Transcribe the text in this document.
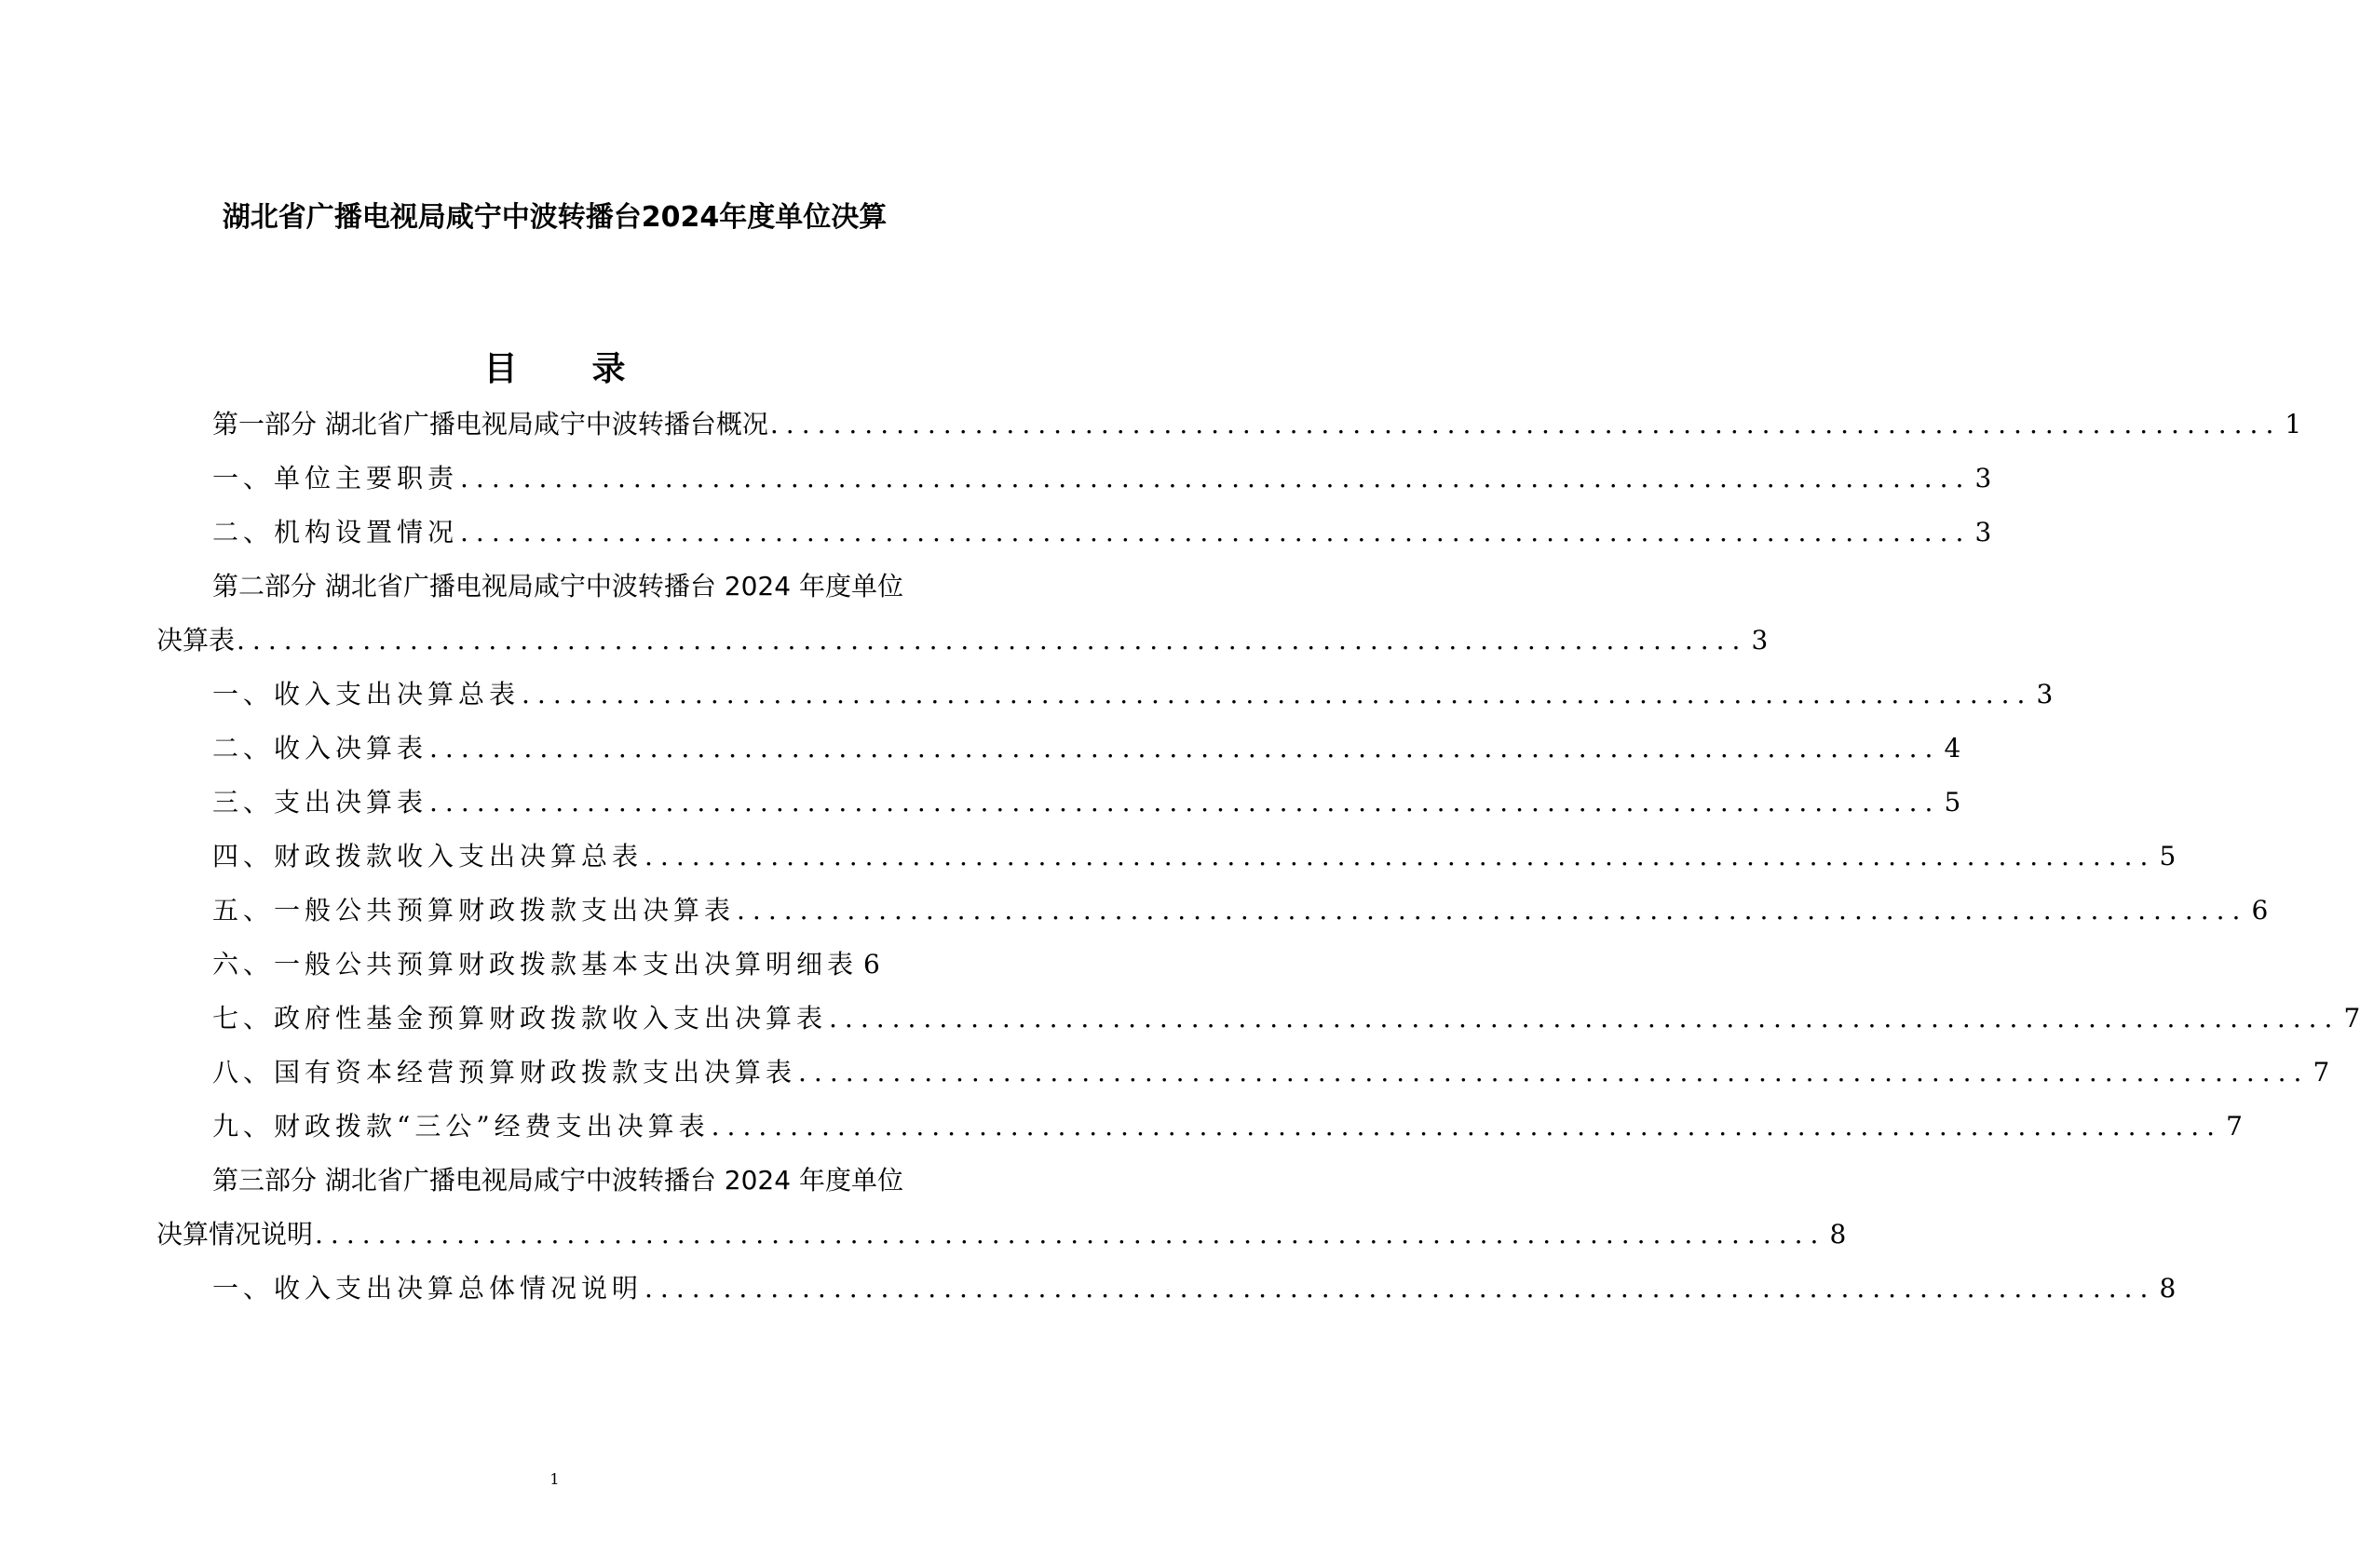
湖北省广播电视局咸宁中波转播台2024年度单位决算
目录
第一部分 湖北省广播电视局咸宁中波转播台概况 ................................................................................................ 1
一、单位主要职责 ................................................................................................ 3
二、机构设置情况 ................................................................................................ 3
第二部分 湖北省广播电视局咸宁中波转播台 2024 年度单位
决算表 ................................................................................................ 3
一、收入支出决算总表 ................................................................................................ 3
二、收入决算表 ................................................................................................ 4
三、支出决算表 ................................................................................................ 5
四、财政拨款收入支出决算总表 ................................................................................................ 5
五、一般公共预算财政拨款支出决算表 ................................................................................................ 6
六、一般公共预算财政拨款基本支出决算明细表 6
七、政府性基金预算财政拨款收入支出决算表 ................................................................................................ 7
八、国有资本经营预算财政拨款支出决算表 ................................................................................................ 7
九、财政拨款“三公”经费支出决算表 ................................................................................................ 7
第三部分 湖北省广播电视局咸宁中波转播台 2024 年度单位
决算情况说明 ................................................................................................ 8
一、收入支出决算总体情况说明 ................................................................................................ 8
1
